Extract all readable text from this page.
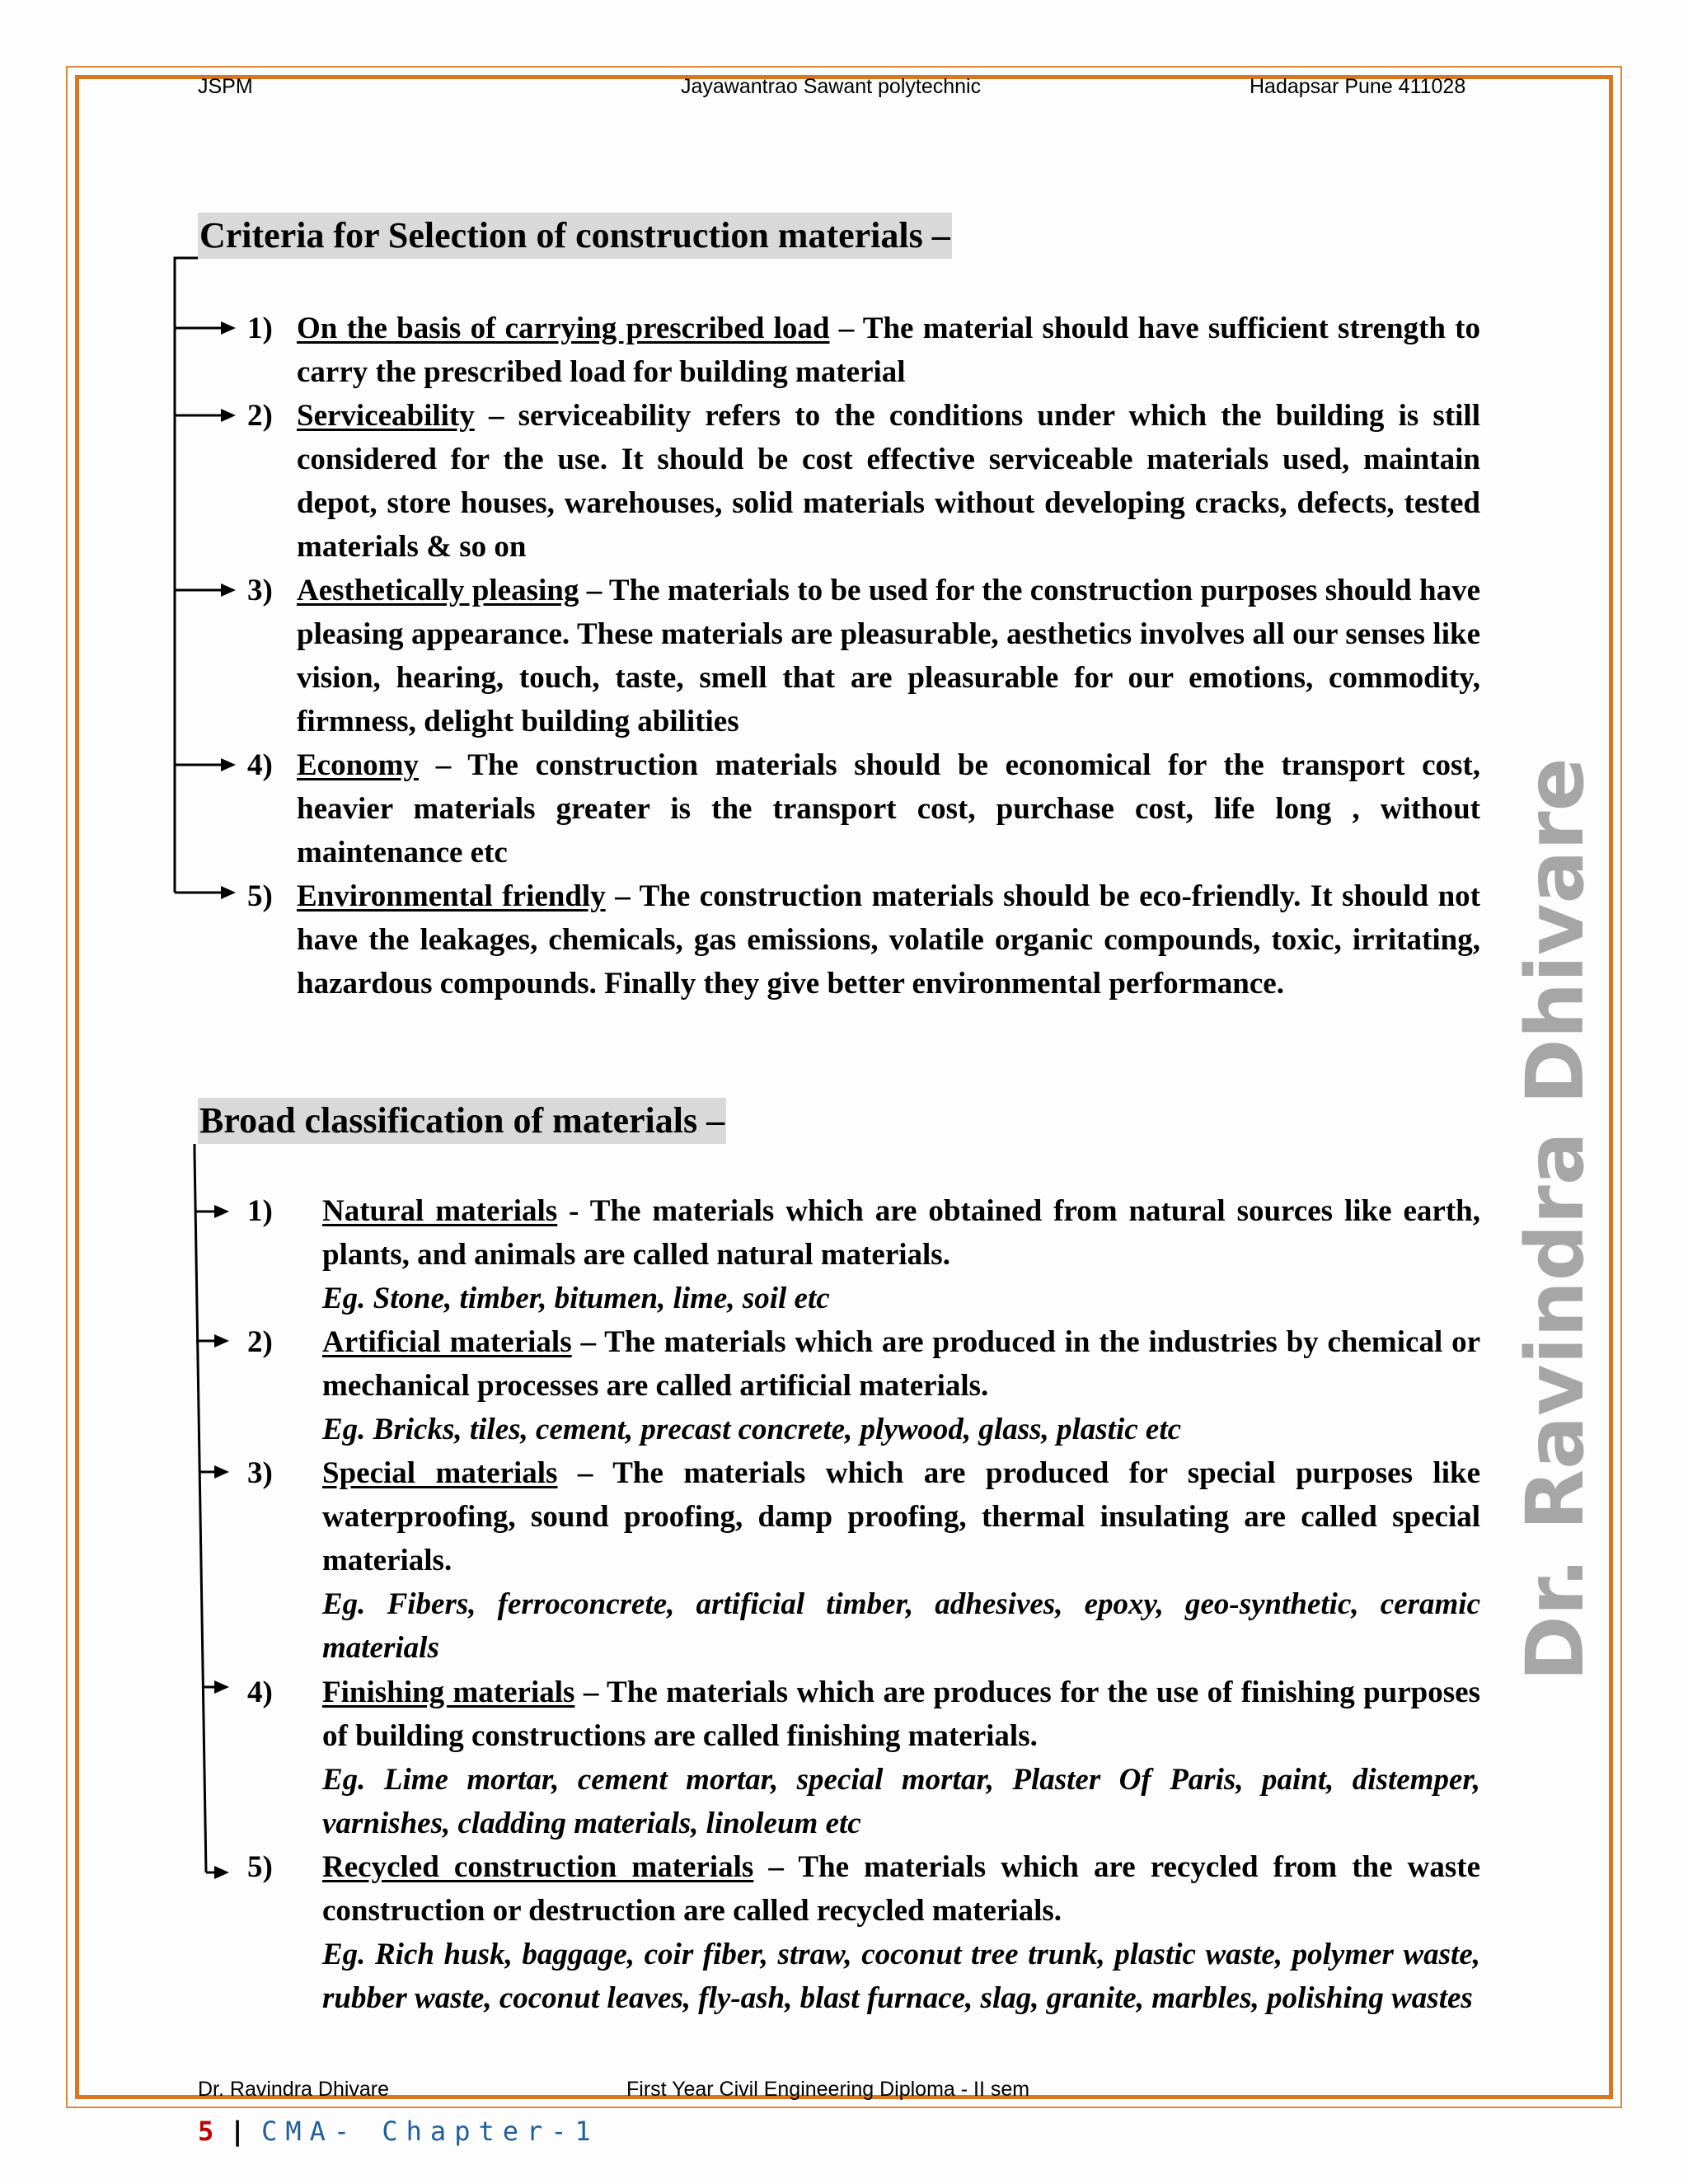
JSPM	Jayawantrao Sawant polytechnic	Hadapsar Pune 411028
Criteria for Selection of construction materials –
1) On the basis of carrying prescribed load – The material should have sufficient strength to carry the prescribed load for building material
2) Serviceability – serviceability refers to the conditions under which the building is still considered for the use. It should be cost effective serviceable materials used, maintain depot, store houses, warehouses, solid materials without developing cracks, defects, tested materials & so on
3) Aesthetically pleasing – The materials to be used for the construction purposes should have pleasing appearance. These materials are pleasurable, aesthetics involves all our senses like vision, hearing, touch, taste, smell that are pleasurable for our emotions, commodity, firmness, delight building abilities
4) Economy – The construction materials should be economical for the transport cost, heavier materials greater is the transport cost, purchase cost, life long , without maintenance etc
5) Environmental friendly – The construction materials should be eco-friendly. It should not have the leakages, chemicals, gas emissions, volatile organic compounds, toxic, irritating, hazardous compounds. Finally they give better environmental performance.
Broad classification of materials –
1) Natural materials - The materials which are obtained from natural sources like earth, plants, and animals are called natural materials.
Eg. Stone, timber, bitumen, lime, soil etc
2) Artificial materials – The materials which are produced in the industries by chemical or mechanical processes are called artificial materials.
Eg. Bricks, tiles, cement, precast concrete, plywood, glass, plastic etc
3) Special materials – The materials which are produced for special purposes like waterproofing, sound proofing, damp proofing, thermal insulating are called special materials.
Eg. Fibers, ferroconcrete, artificial timber, adhesives, epoxy, geo-synthetic, ceramic materials
4) Finishing materials – The materials which are produces for the use of finishing purposes of building constructions are called finishing materials.
Eg. Lime mortar, cement mortar, special mortar, Plaster Of Paris, paint, distemper, varnishes, cladding materials, linoleum etc
5) Recycled construction materials – The materials which are recycled from the waste construction or destruction are called recycled materials.
Eg. Rich husk, baggage, coir fiber, straw, coconut tree trunk, plastic waste, polymer waste, rubber waste, coconut leaves, fly-ash, blast furnace, slag, granite, marbles, polishing wastes
Dr. Ravindra Dhivare
Dr. Ravindra Dhivare	First Year Civil Engineering Diploma - II sem
5 | CMA- Chapter-1
